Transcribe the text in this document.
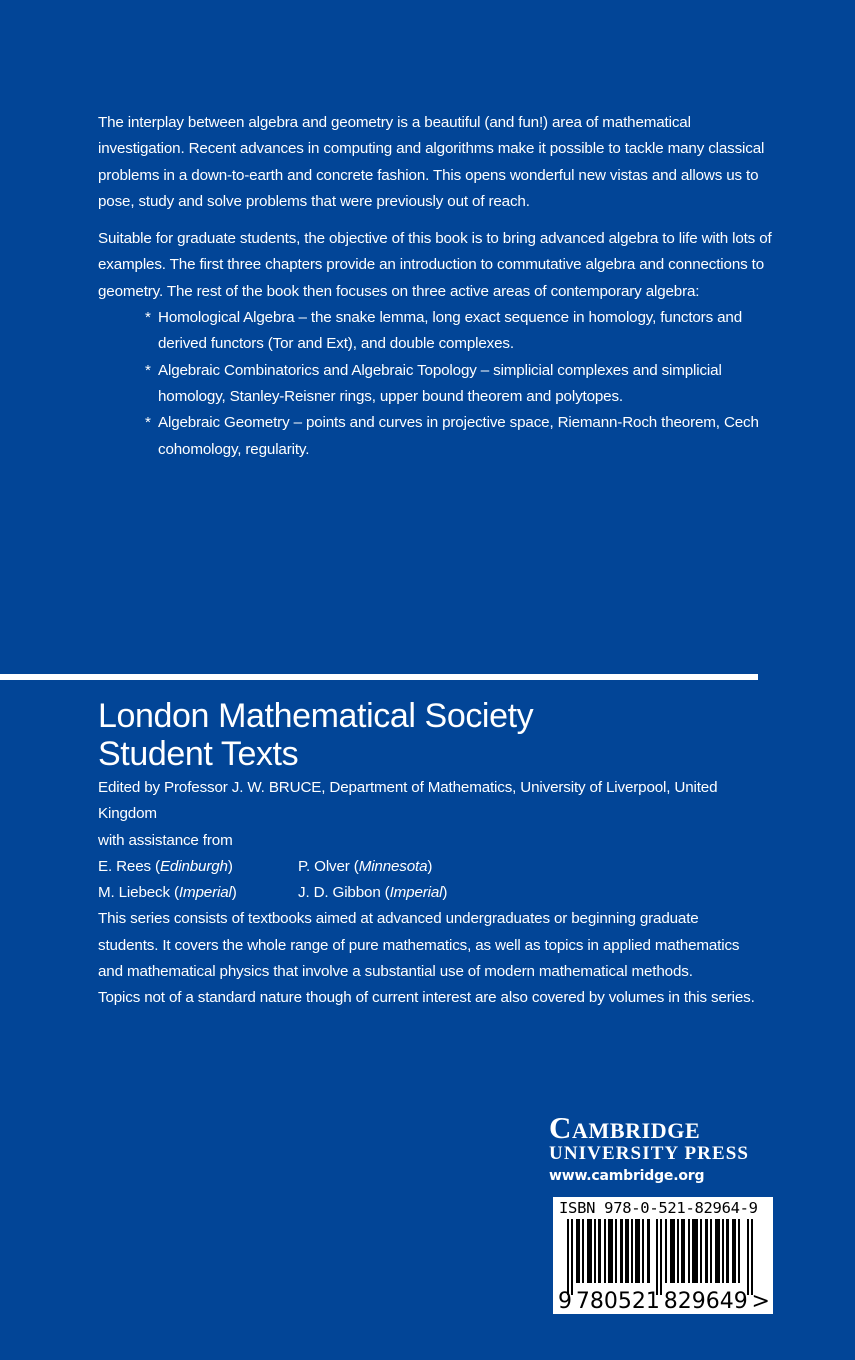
The interplay between algebra and geometry is a beautiful (and fun!) area of mathematical investigation. Recent advances in computing and algorithms make it possible to tackle many classical problems in a down-to-earth and concrete fashion. This opens wonderful new vistas and allows us to pose, study and solve problems that were previously out of reach.

Suitable for graduate students, the objective of this book is to bring advanced algebra to life with lots of examples. The first three chapters provide an introduction to commutative algebra and connections to geometry. The rest of the book then focuses on three active areas of contemporary algebra:

* Homological Algebra – the snake lemma, long exact sequence in homology, functors and derived functors (Tor and Ext), and double complexes.
* Algebraic Combinatorics and Algebraic Topology – simplicial complexes and simplicial homology, Stanley-Reisner rings, upper bound theorem and polytopes.
* Algebraic Geometry – points and curves in projective space, Riemann-Roch theorem, Cech cohomology, regularity.
London Mathematical Society
Student Texts

Edited by Professor J. W. BRUCE, Department of Mathematics, University of Liverpool, United Kingdom

with assistance from

E. Rees (Edinburgh)	P. Olver (Minnesota)
M. Liebeck (Imperial)	J. D. Gibbon (Imperial)

This series consists of textbooks aimed at advanced undergraduates or beginning graduate students. It covers the whole range of pure mathematics, as well as topics in applied mathematics and mathematical physics that involve a substantial use of modern mathematical methods.

Topics not of a standard nature though of current interest are also covered by volumes in this series.

Cambridge
UNIVERSITY PRESS
www.cambridge.org
ISBN 978-0-521-82964-9
9 780521 829649 >
